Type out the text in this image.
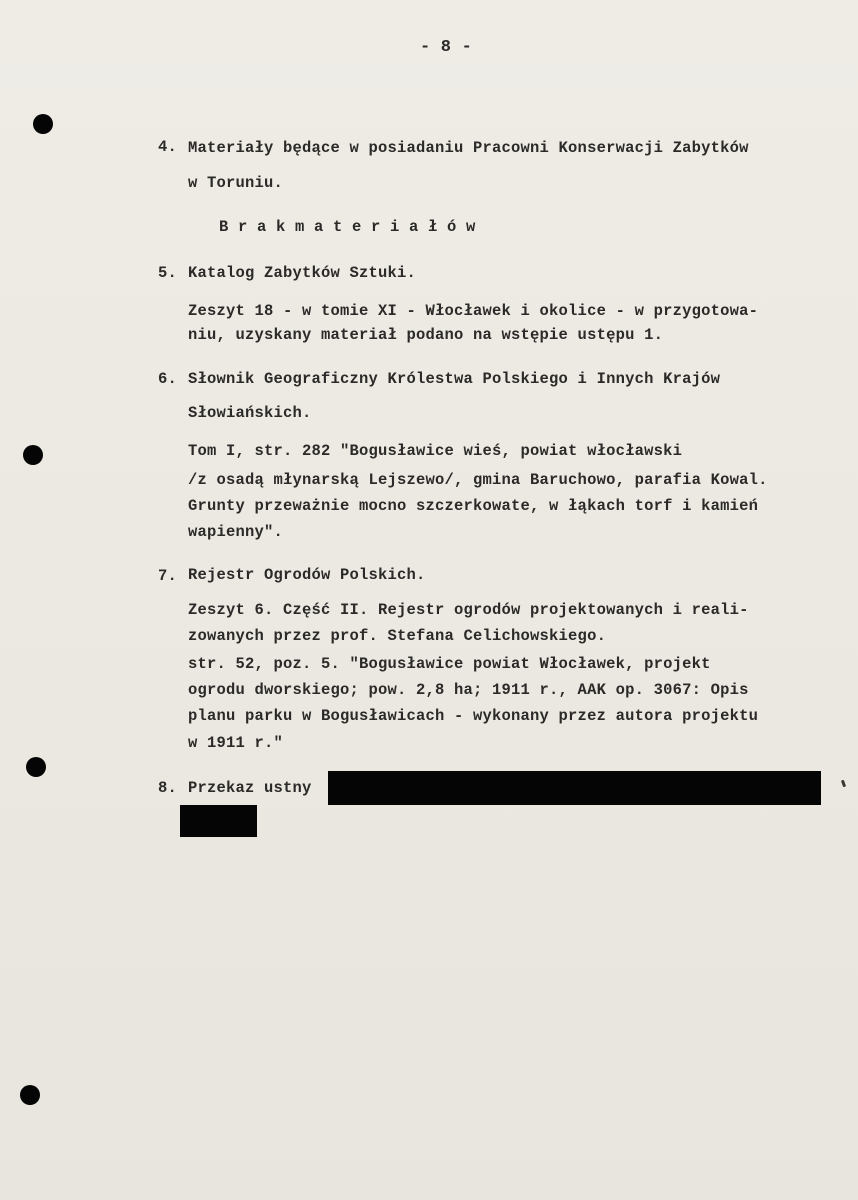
- 8 -
4. Materiały będące w posiadaniu Pracowni Konserwacji Zabytków
w Toruniu.
B r a k m a t e r i a ł ó w
5. Katalog Zabytków Sztuki.
Zeszyt 18 - w tomie XI - Włocławek i okolice - w przygotowa-
niu, uzyskany materiał podano na wstępie ustępu 1.
6. Słownik Geograficzny Królestwa Polskiego i Innych Krajów
Słowiańskich.
Tom I, str. 282 "Bogusławice wieś, powiat włocławski
/z osadą młynarską Lejszewo/, gmina Baruchowo, parafia Kowal.
Grunty przeważnie mocno szczerkowate, w łąkach torf i kamień
wapienny".
7. Rejestr Ogrodów Polskich.
Zeszyt 6. Część II. Rejestr ogrodów projektowanych i reali-
zowanych przez prof. Stefana Celichowskiego.
str. 52, poz. 5. "Bogusławice powiat Włocławek, projekt
ogrodu dworskiego; pow. 2,8 ha; 1911 r., AAK op. 3067: Opis
planu parku w Bogusławicach - wykonany przez autora projektu
w 1911 r."
8. Przekaz ustny
